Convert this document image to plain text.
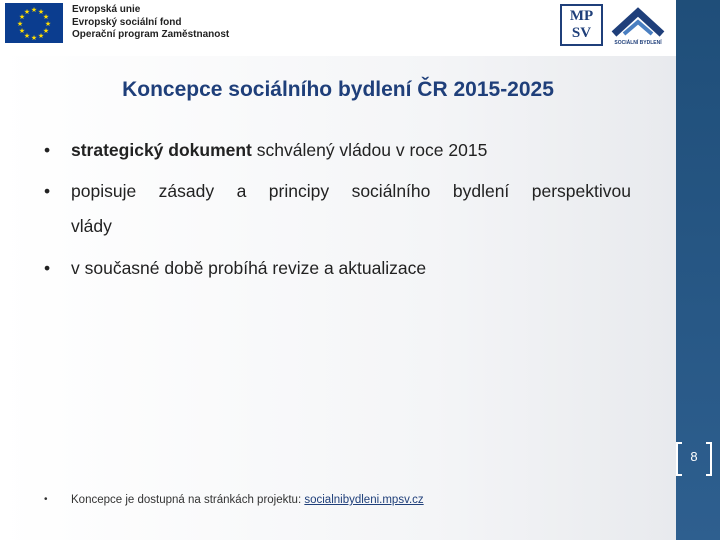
★ ★
★
★
★
★
★
★
★
★
★
★	Evropská unie
Evropský sociální fond
Operační program Zaměstnanost
MP
SV
SOCIÁLNÍ BYDLENÍ
Koncepce sociálního bydlení ČR 2015-2025
• strategický dokument schválený vládou v roce 2015
• popisuje zásady a principy sociálního bydlení perspektivou
vlády
• v současné době probíhá revize a aktualizace
8
• Koncepce je dostupná na stránkách projektu: socialnibydleni.mpsv.cz
